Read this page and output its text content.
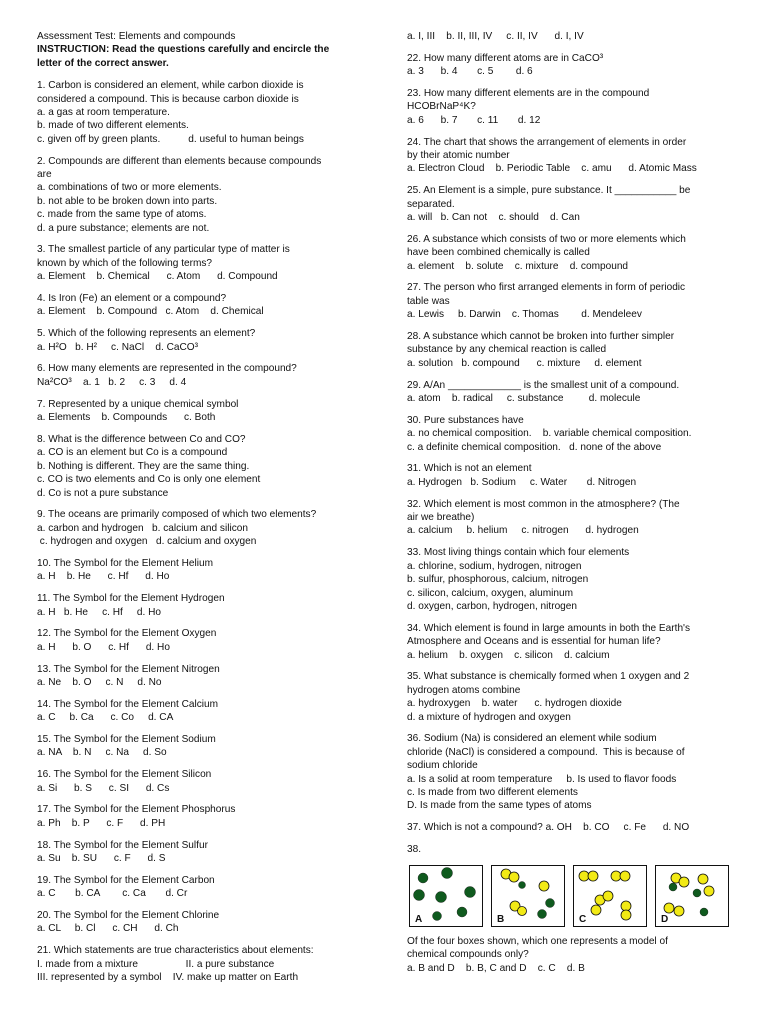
Assessment Test: Elements and compounds
INSTRUCTION: Read the questions carefully and encircle the
letter of the correct answer.
1. Carbon is considered an element, while carbon dioxide is
considered a compound. This is because carbon dioxide is
a. a gas at room temperature.
b. made of two different elements.
c. given off by green plants.          d. useful to human beings
2. Compounds are different than elements because compounds
are
a. combinations of two or more elements.
b. not able to be broken down into parts.
c. made from the same type of atoms.
d. a pure substance; elements are not.
3. The smallest particle of any particular type of matter is
known by which of the following terms?
a. Element    b. Chemical      c. Atom      d. Compound
4. Is Iron (Fe) an element or a compound?
a. Element    b. Compound   c. Atom    d. Chemical
5. Which of the following represents an element?
a. H²O   b. H²     c. NaCl    d. CaCO³
6. How many elements are represented in the compound?
Na²CO³    a. 1   b. 2     c. 3     d. 4
7. Represented by a unique chemical symbol
a. Elements    b. Compounds      c. Both
8. What is the difference between Co and CO?
a. CO is an element but Co is a compound
b. Nothing is different. They are the same thing.
c. CO is two elements and Co is only one element
d. Co is not a pure substance
9. The oceans are primarily composed of which two elements?
a. carbon and hydrogen   b. calcium and silicon
c. hydrogen and oxygen   d. calcium and oxygen
10. The Symbol for the Element Helium
a. H    b. He      c. Hf      d. Ho
11. The Symbol for the Element Hydrogen
a. H   b. He     c. Hf     d. Ho
12. The Symbol for the Element Oxygen
a. H      b. O      c. Hf      d. Ho
13. The Symbol for the Element Nitrogen
a. Ne    b. O     c. N     d. No
14. The Symbol for the Element Calcium
a. C     b. Ca      c. Co     d. CA
15. The Symbol for the Element Sodium
a. NA    b. N     c. Na     d. So
16. The Symbol for the Element Silicon
a. Si      b. S      c. SI      d. Cs
17. The Symbol for the Element Phosphorus
a. Ph    b. P      c. F      d. PH
18. The Symbol for the Element Sulfur
a. Su    b. SU      c. F      d. S
19. The Symbol for the Element Carbon
a. C       b. CA        c. Ca       d. Cr
20. The Symbol for the Element Chlorine
a. CL     b. Cl      c. CH      d. Ch
21. Which statements are true characteristics about elements:
I. made from a mixture                 II. a pure substance
III. represented by a symbol    IV. make up matter on Earth
a. I, III    b. II, III, IV     c. II, IV      d. I, IV
22. How many different atoms are in CaCO³
a. 3      b. 4       c. 5        d. 6
23. How many different elements are in the compound
HCOBrNaP⁴K?
a. 6      b. 7       c. 11       d. 12
24. The chart that shows the arrangement of elements in order
by their atomic number
a. Electron Cloud    b. Periodic Table    c. amu      d. Atomic Mass
25. An Element is a simple, pure substance. It ___________ be
separated.
a. will   b. Can not    c. should    d. Can
26. A substance which consists of two or more elements which
have been combined chemically is called
a. element    b. solute    c. mixture    d. compound
27. The person who first arranged elements in form of periodic
table was
a. Lewis     b. Darwin    c. Thomas        d. Mendeleev
28. A substance which cannot be broken into further simpler
substance by any chemical reaction is called
a. solution   b. compound      c. mixture     d. element
29. A/An _____________ is the smallest unit of a compound.
a. atom    b. radical     c. substance         d. molecule
30. Pure substances have
a. no chemical composition.    b. variable chemical composition.
c. a definite chemical composition.   d. none of the above
31. Which is not an element
a. Hydrogen   b. Sodium     c. Water       d. Nitrogen
32. Which element is most common in the atmosphere? (The
air we breathe)
a. calcium     b. helium     c. nitrogen      d. hydrogen
33. Most living things contain which four elements
a. chlorine, sodium, hydrogen, nitrogen
b. sulfur, phosphorous, calcium, nitrogen
c. silicon, calcium, oxygen, aluminum
d. oxygen, carbon, hydrogen, nitrogen
34. Which element is found in large amounts in both the Earth's
Atmosphere and Oceans and is essential for human life?
a. helium    b. oxygen    c. silicon    d. calcium
35. What substance is chemically formed when 1 oxygen and 2
hydrogen atoms combine
a. hydroxygen    b. water      c. hydrogen dioxide
d. a mixture of hydrogen and oxygen
36. Sodium (Na) is considered an element while sodium
chloride (NaCl) is considered a compound.  This is because of
sodium chloride
a. Is a solid at room temperature     b. Is used to flavor foods
c. Is made from two different elements
D. Is made from the same types of atoms
37. Which is not a compound? a. OH    b. CO     c. Fe      d. NO
38.
A	B	C	D
Of the four boxes shown, which one represents a model of
chemical compounds only?
a. B and D    b. B, C and D    c. C    d. B
